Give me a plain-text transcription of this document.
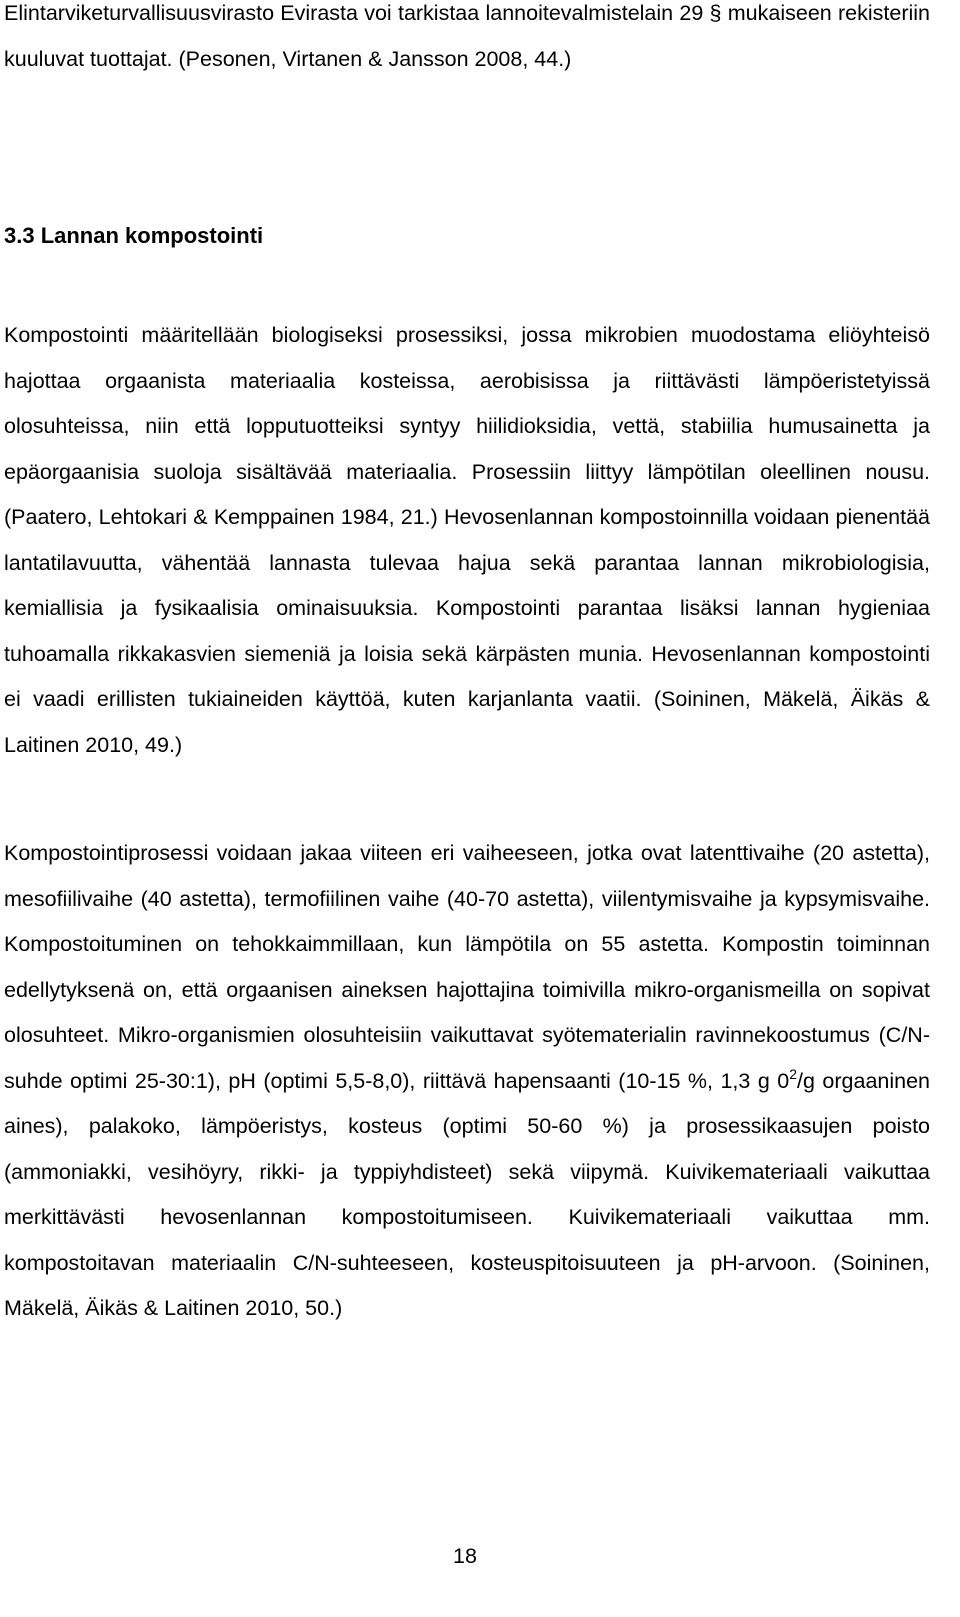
Elintarviketurvallisuusvirasto Evirasta voi tarkistaa lannoitevalmistelain 29 § mukaiseen rekisteriin kuuluvat tuottajat. (Pesonen, Virtanen & Jansson 2008, 44.)

3.3 Lannan kompostointi

Kompostointi määritellään biologiseksi prosessiksi, jossa mikrobien muodostama eliöyhteisö hajottaa orgaanista materiaalia kosteissa, aerobisissa ja riittävästi lämpöeristetyissä olosuhteissa, niin että lopputuotteiksi syntyy hiilidioksidia, vettä, stabiilia humusainetta ja epäorgaanisia suoloja sisältävää materiaalia. Prosessiin liittyy lämpötilan oleellinen nousu. (Paatero, Lehtokari & Kemppainen 1984, 21.) Hevosenlannan kompostoinnilla voidaan pienentää lantatilavuutta, vähentää lannasta tulevaa hajua sekä parantaa lannan mikrobiologisia, kemiallisia ja fysikaalisia ominaisuuksia. Kompostointi parantaa lisäksi lannan hygieniaa tuhoamalla rikkakasvien siemeniä ja loisia sekä kärpästen munia. Hevosenlannan kompostointi ei vaadi erillisten tukiaineiden käyttöä, kuten karjanlanta vaatii. (Soininen, Mäkelä, Äikäs & Laitinen 2010, 49.)

Kompostointiprosessi voidaan jakaa viiteen eri vaiheeseen, jotka ovat latenttivaihe (20 astetta), mesofiilivaihe (40 astetta), termofiilinen vaihe (40-70 astetta), viilentymisvaihe ja kypsymisvaihe. Kompostoituminen on tehokkaimmillaan, kun lämpötila on 55 astetta. Kompostin toiminnan edellytyksenä on, että orgaanisen aineksen hajottajina toimivilla mikro-organismeilla on sopivat olosuhteet. Mikro-organismien olosuhteisiin vaikuttavat syötematerialin ravinnekoostumus (C/N-suhde optimi 25-30:1), pH (optimi 5,5-8,0), riittävä hapensaanti (10-15 %, 1,3 g $0^2/g$ orgaaninen aines), palakoko, lämpöeristys, kosteus (optimi 50-60 %) ja prosessikaasujen poisto (ammoniakki, vesihöyry, rikki- ja typpiyhdisteet) sekä viipymä. Kuivikemateriaali vaikuttaa merkittävästi hevosenlannan kompostoitumiseen. Kuivikemateriaali vaikuttaa mm. kompostoitavan materiaalin C/N-suhteeseen, kosteuspitoisuuteen ja pH-arvoon. (Soininen, Mäkelä, Äikäs & Laitinen 2010, 50.)

18
